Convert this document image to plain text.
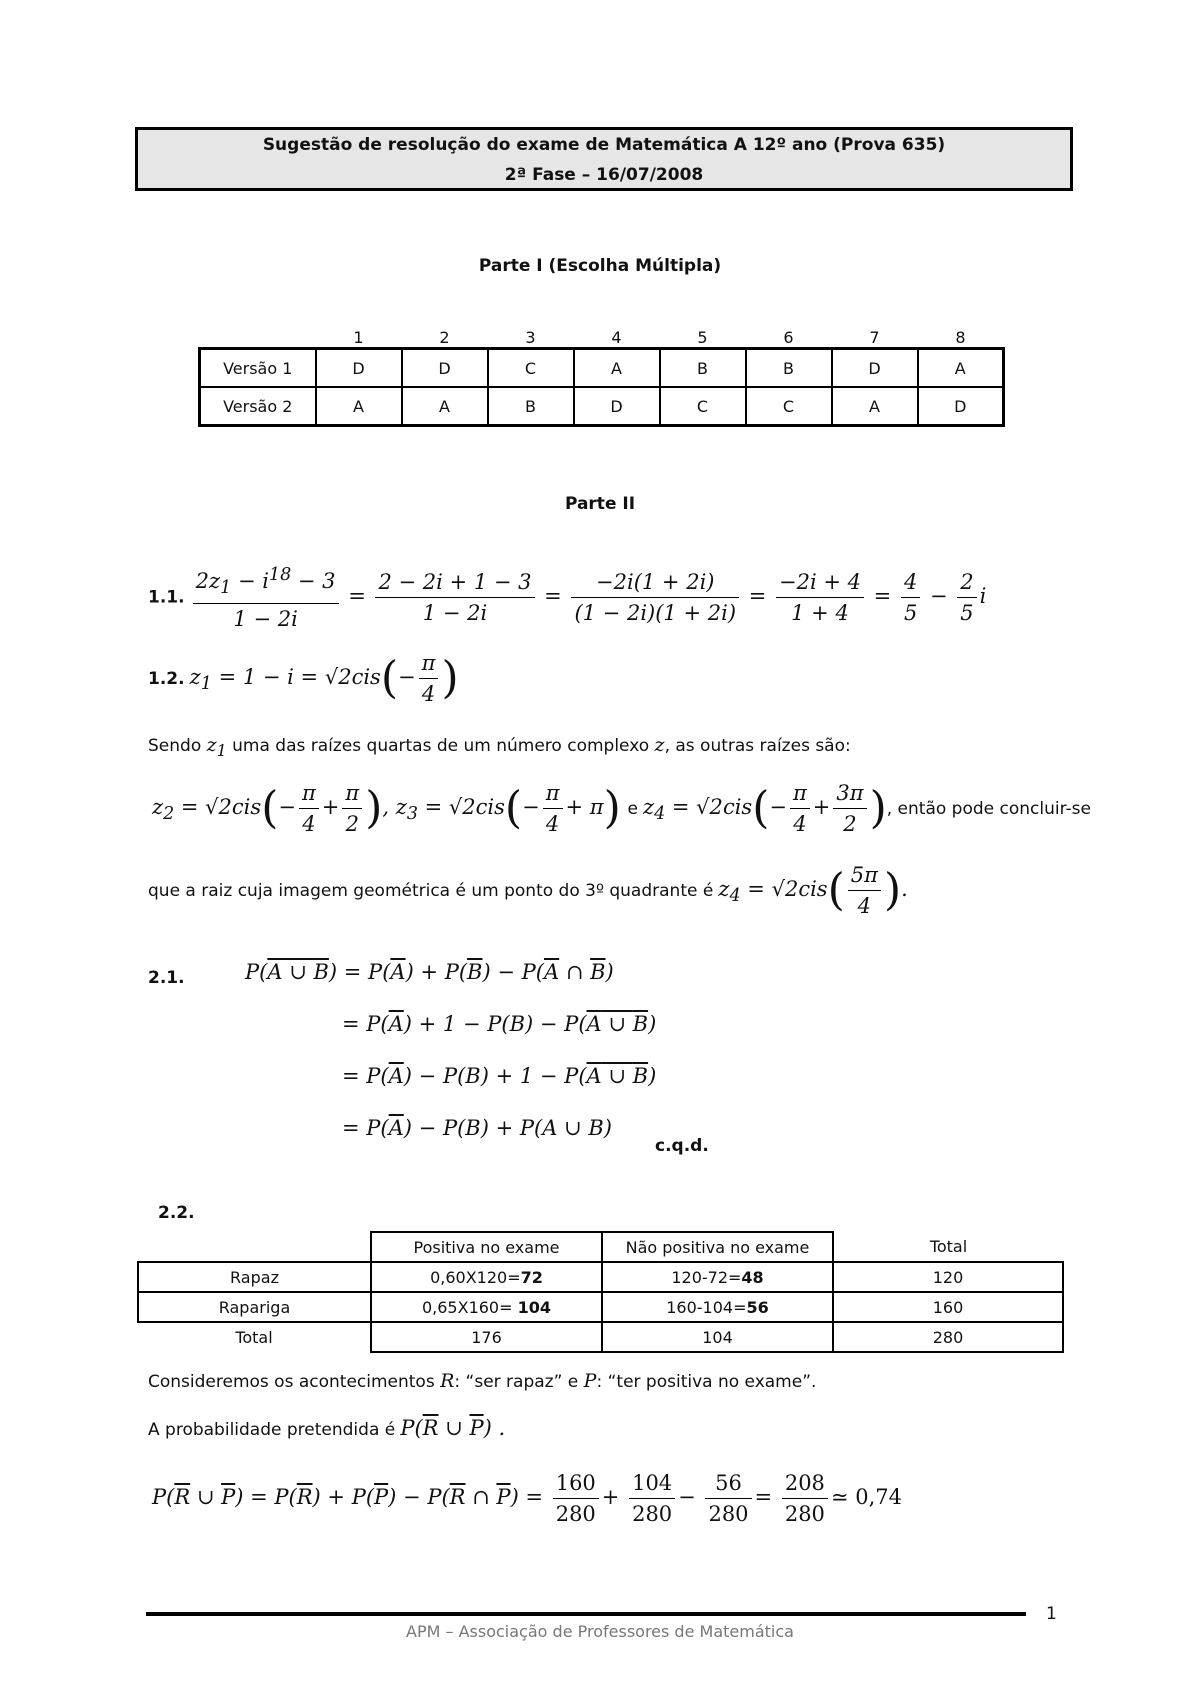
Sugestão de resolução do exame de Matemática A 12º ano (Prova 635)
2ª Fase – 16/07/2008
Parte I (Escolha Múltipla)
	1	2	3	4	5	6	7	8
Versão 1	D	D	C	A	B	B	D	A
Versão 2	A	A	B	D	C	C	A	D
Parte II
1.1. $\frac{2z_1 - i^{18} - 3}{1 - 2i} = \frac{2 - 2i + 1 - 3}{1 - 2i} = \frac{-2i(1 + 2i)}{(1 - 2i)(1 + 2i)} = \frac{-2i + 4}{1 + 4} = \frac{4}{5} - \frac{2}{5}$ i
1.2. $z_1 = 1 - i = √2cis(- \frac{\pi}{4}$ )
Sendo $z_1$ uma das raízes quartas de um número complexo z, as outras raízes são:
$z_2 = √2cis(- \frac{\pi}{4} + \frac{\pi}{2}$ ), $z_3 = √2cis(- \frac{\pi}{4} + \pi)$ e $z_4 = √2cis(- \frac{\pi}{4} + \frac{3\pi}{2}$ ), então pode concluir-se
que a raiz cuja imagem geométrica é um ponto do 3º quadrante é $z_4 = √2cis( \frac{5\pi}{4}$ ).
2.1.	P(A ∪ $B) = P(\overline{A}) + P(\overline{B}) - P(\overline{A}$ ∩ $\overline{B}$)
= $P(\overline{A}) + 1 - P(B) - P(A$ ∪ B)
= $P(\overline{A}) - P(B) + 1 - P(A$ ∪ B)
= $P(\overline{A}) - P(B) + P(A$ ∪ B)
c.q.d.
2.2.
	Positiva no exame	Não positiva no exame	Total
Rapaz	0,60X120=72	120-72=48	120
Rapariga	0,65X160= 104	160-104=56	160
Total	176	104	280
Consideremos os acontecimentos R: “ser rapaz” e P: “ter positiva no exame”.
A probabilidade pretendida é $P(\overline{R}$ ∪ $\overline{P}$) .
$P(\overline{R}$ ∪ $\overline{P}) = P(\overline{R}) + P(\overline{P}) - P(\overline{R}$ ∩ $\overline{P}) = \frac{160}{280} + \frac{104}{280} - \frac{56}{280} = \frac{208}{280}$ ≃ 0,74
1
APM – Associação de Professores de Matemática
